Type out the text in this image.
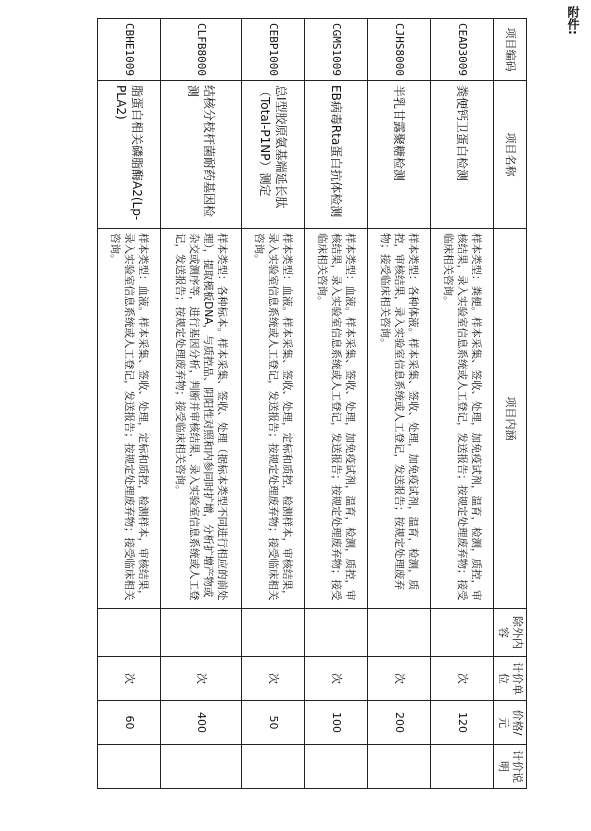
附件:
项目编码	项目名称	项目内涵	除外内容	计价单位	价格/元	计价说明
CEAD3009	粪便钙卫蛋白检测	样本类型：粪便。样本采集、签收、处理，加免疫试剂，温育，检测，质控，审核结果，录入实验室信息系统或人工登记，发送报告；按规定处理废弃物；接受临床相关咨询。		次	120	
CJHS8000	半乳甘露聚糖检测	样本类型：各种体液。样本采集、签收、处理，加免疫试剂，温育，检测，质控，审核结果，录入实验室信息系统或人工登记，发送报告；按规定处理废弃物；接受临床相关咨询。		次	200	
CGMS1009	EB病毒Rta蛋白抗体检测	样本类型：血液。样本采集、签收、处理，加免疫试剂，温育，检测，质控，审核结果，录入实验室信息系统或人工登记，发送报告；按规定处理废弃物；接受临床相关咨询。		次	100	
CEBP1000	总Ⅰ型胶原氨基端延长肽（Total-P1NP）测定	样本类型：血液。样本采集、签收、处理，定标和质控，检测样本，审核结果，录入实验室信息系统或人工登记，发送报告；按规定处理废弃物；接受临床相关咨询。		次	50	
CLFB8000	结核分枝杆菌耐药基因检测	样本类型：各种标本。样本采集、签收、处理（据标本类型不同进行相应的前处理），提取模板DNA，与质控品、阴阳性对照和内参同时扩增，分析扩增产物或杂交或测序等，进行基因分析，判断并审核结果，录入实验室信息系统或人工登记，发送报告；按规定处理废弃物；接受临床相关咨询。		次	400	
CBHE1009	脂蛋白相关磷脂酶A2(Lp-PLA2)	样本类型：血液。样本采集、签收、处理，定标和质控，检测样本，审核结果，录入实验室信息系统或人工登记，发送报告；按规定处理废弃物；接受临床相关咨询。		次	60	
